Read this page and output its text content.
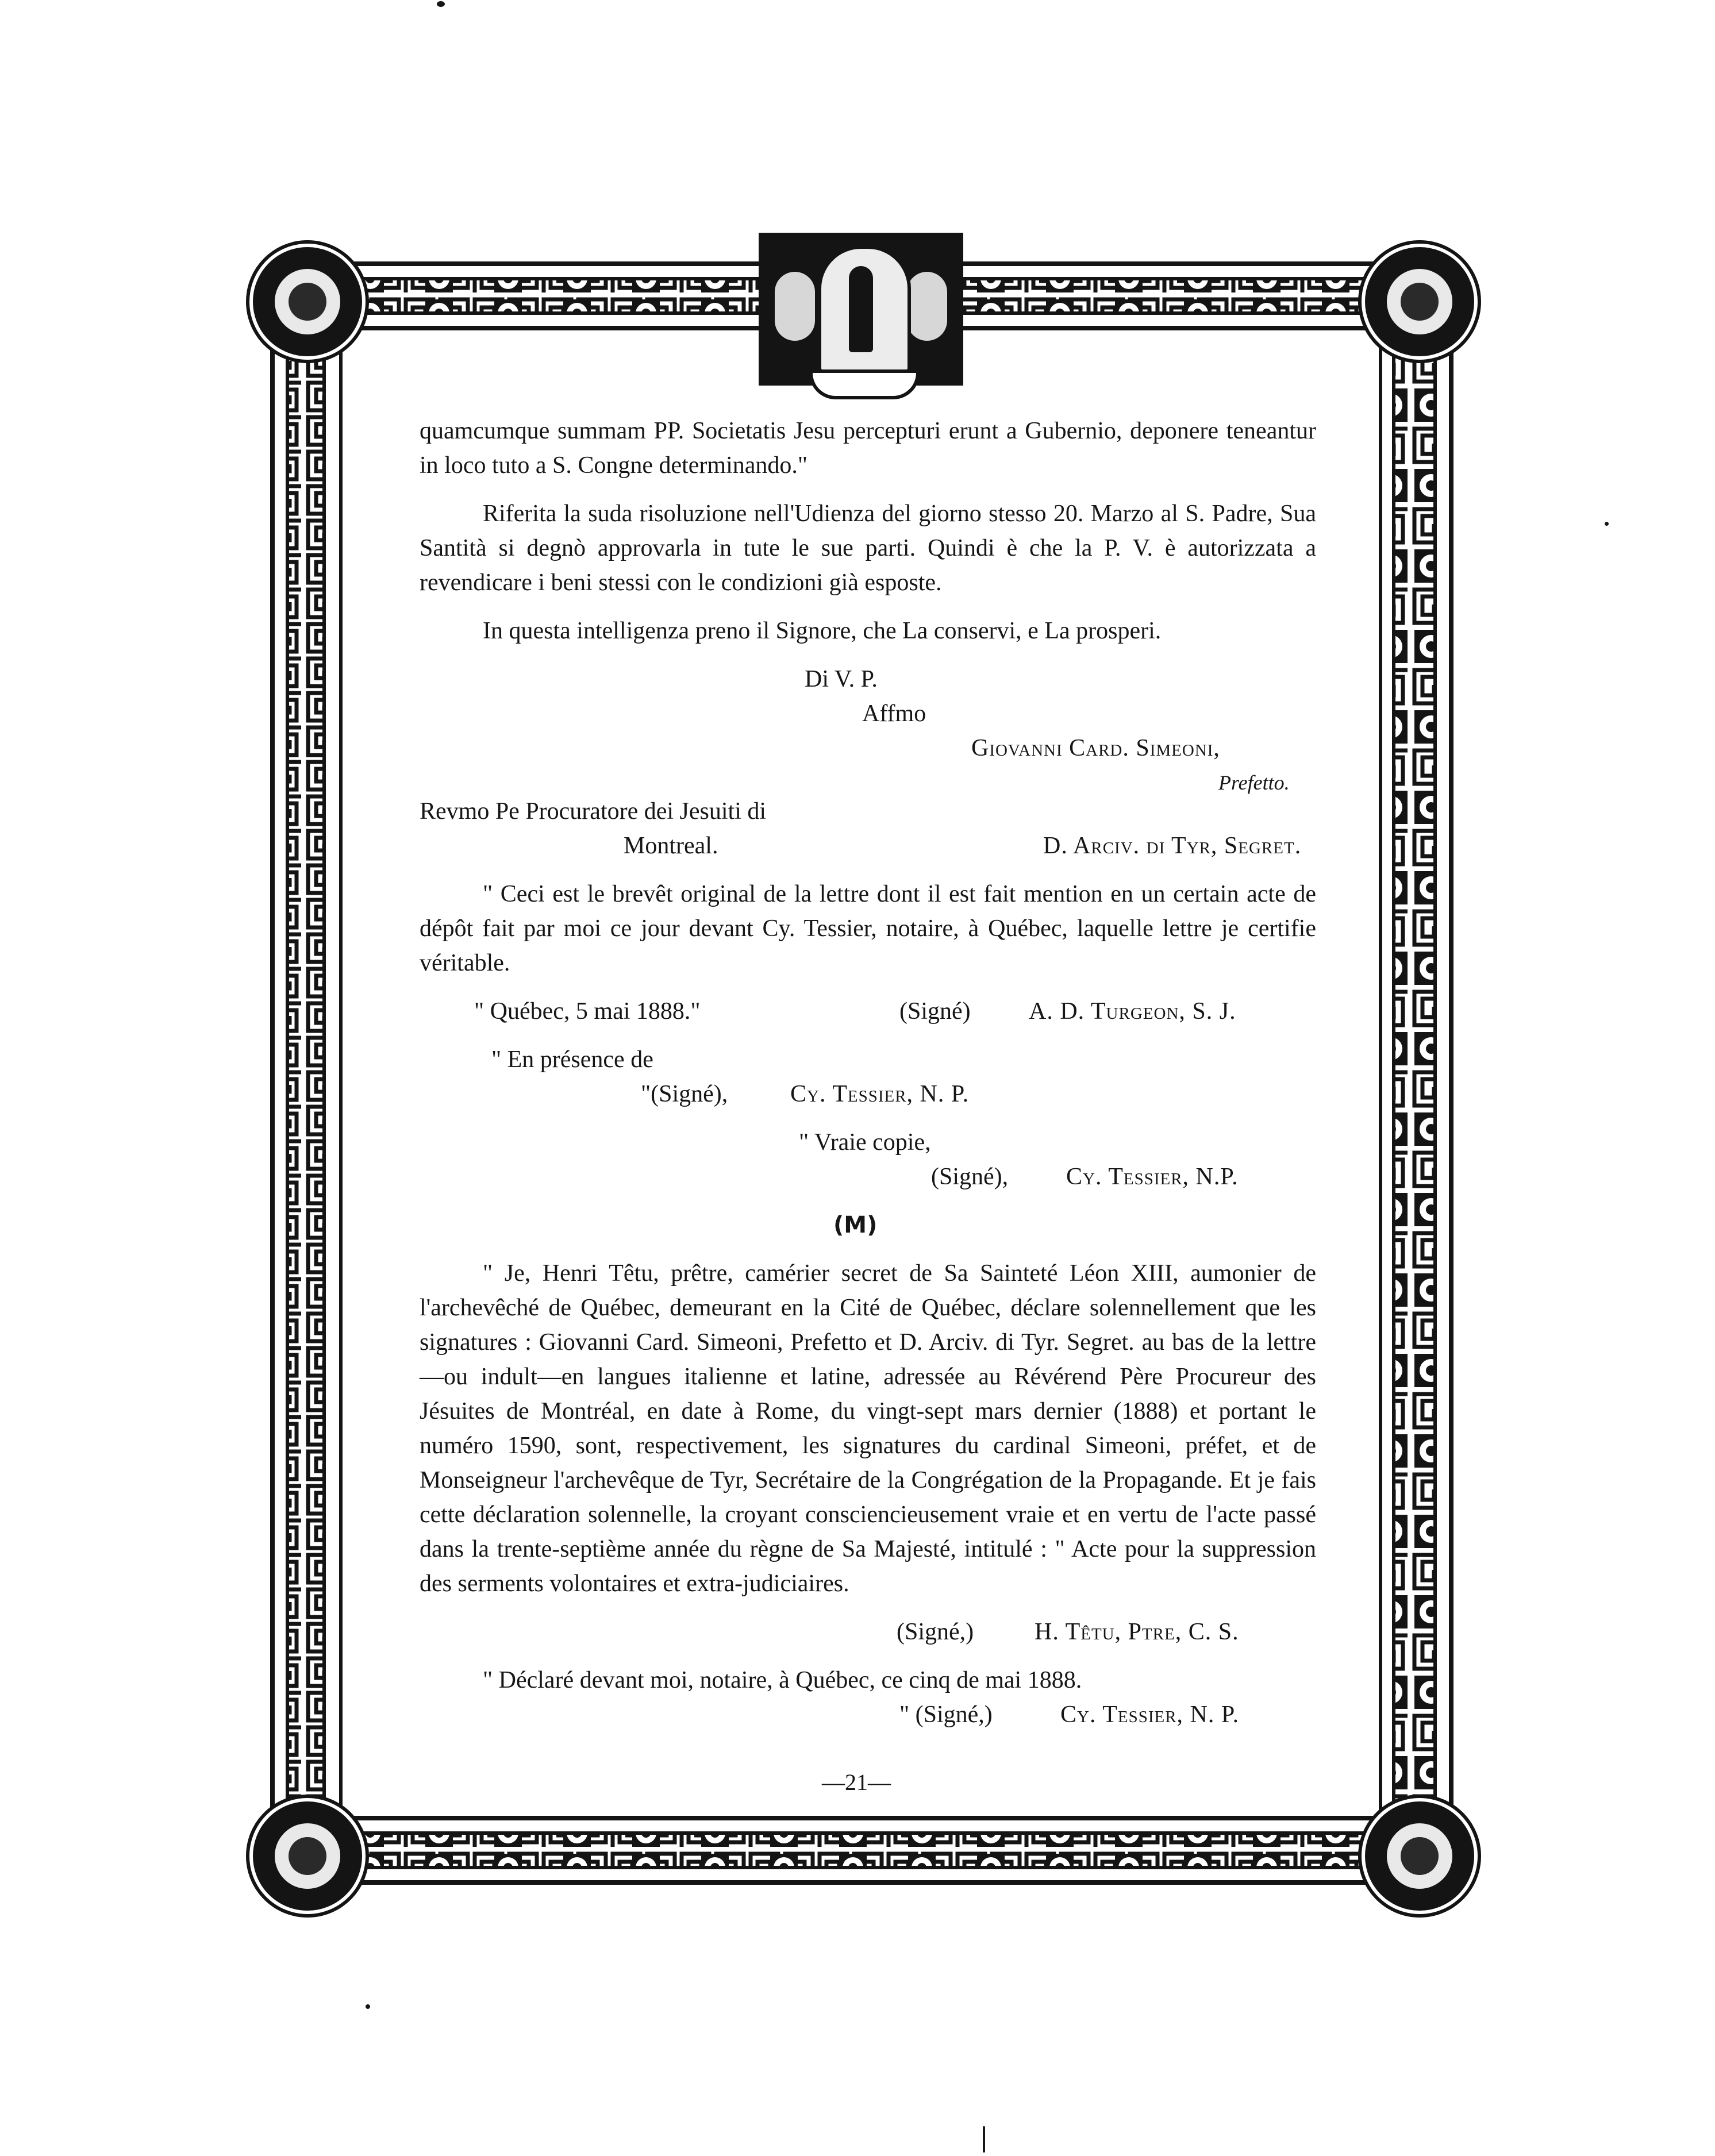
quamcumque summam PP. Societatis Jesu percepturi erunt a Gubernio, deponere teneantur in loco tuto a S. Congne determinando."

Riferita la suda risoluzione nell'Udienza del giorno stesso 20. Marzo al S. Padre, Sua Santità si degnò approvarla in tute le sue parti. Quindi è che la P. V. è autorizzata a revendicare i beni stessi con le condizioni già esposte.

In questa intelligenza preno il Signore, che La conservi, e La prosperi.

Di V. P.
Affmo
Giovanni Card. Simeoni,
Prefetto.
Revmo Pe Procuratore dei Jesuiti di
Montreal.	D. Arciv. di Tyr, Segret.

" Ceci est le brevêt original de la lettre dont il est fait mention en un certain acte de dépôt fait par moi ce jour devant Cy. Tessier, notaire, à Québec, laquelle lettre je certifie véritable.

" Québec, 5 mai 1888."	(Signé) A. D. Turgeon, S. J.
" En présence de
"(Signé),	Cy. Tessier, N. P.
" Vraie copie,
(Signé), Cy. Tessier, N.P.
(M)

" Je, Henri Têtu, prêtre, camérier secret de Sa Sainteté Léon XIII, aumonier de l'archevêché de Québec, demeurant en la Cité de Québec, déclare solennellement que les signatures : Giovanni Card. Simeoni, Prefetto et D. Arciv. di Tyr. Segret. au bas de la lettre—ou indult—en langues italienne et latine, adressée au Révérend Père Procureur des Jésuites de Montréal, en date à Rome, du vingt-sept mars dernier (1888) et portant le numéro 1590, sont, respectivement, les signatures du cardinal Simeoni, préfet, et de Monseigneur l'archevêque de Tyr, Secrétaire de la Congrégation de la Propagande. Et je fais cette déclaration solennelle, la croyant consciencieusement vraie et en vertu de l'acte passé dans la trente-septième année du règne de Sa Majesté, intitulé : " Acte pour la suppression des serments volontaires et extra-judiciaires.

(Signé,)	H. Têtu, Ptre, C. S.
" Déclaré devant moi, notaire, à Québec, ce cinq de mai 1888.
" (Signé,)	Cy. Tessier, N. P.
—21—
